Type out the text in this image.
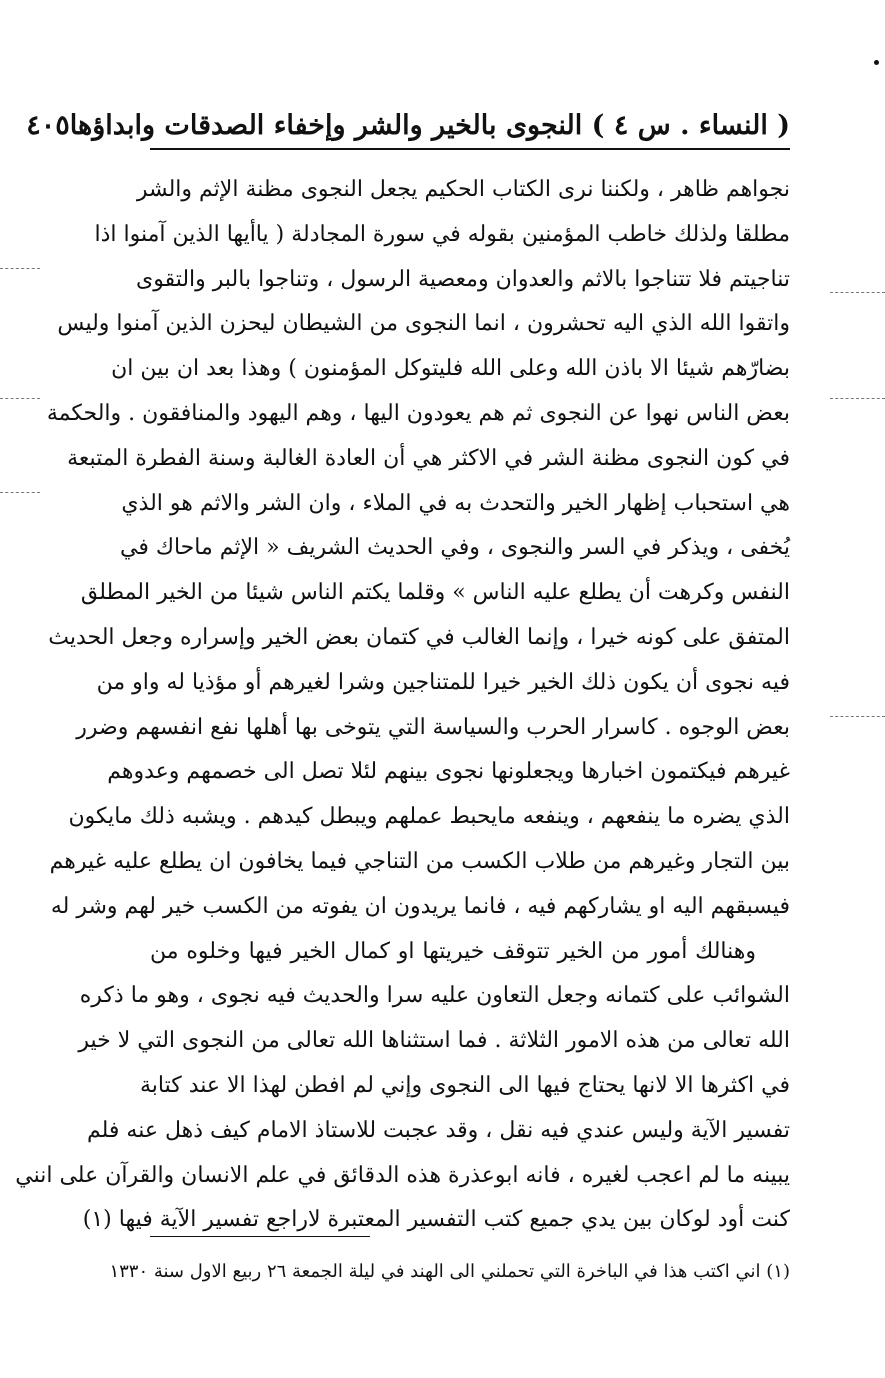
( النساء . س ٤ ) النجوى بالخير والشر وإخفاء الصدقات وابداؤها
٤٠٥
نجواهم ظاهر ، ولكننا نرى الكتاب الحكيم يجعل النجوى مظنة الإثم والشر
مطلقا ولذلك خاطب المؤمنين بقوله في سورة المجادلة ( ياأيها الذين آمنوا اذا
تناجيتم فلا تتناجوا بالاثم والعدوان ومعصية الرسول ، وتناجوا بالبر والتقوى
واتقوا الله الذي اليه تحشرون ، انما النجوى من الشيطان ليحزن الذين آمنوا وليس
بضارّهم شيئا الا باذن الله وعلى الله فليتوكل المؤمنون ) وهذا بعد ان بين ان
بعض الناس نهوا عن النجوى ثم هم يعودون اليها ، وهم اليهود والمنافقون . والحكمة
في كون النجوى مظنة الشر في الاكثر هي أن العادة الغالبة وسنة الفطرة المتبعة
هي استحباب إظهار الخير والتحدث به في الملاء ، وان الشر والاثم هو الذي
يُخفى ، ويذكر في السر والنجوى ، وفي الحديث الشريف « الإثم ماحاك في
النفس وكرهت أن يطلع عليه الناس » وقلما يكتم الناس شيئا من الخير المطلق
المتفق على كونه خيرا ، وإنما الغالب في كتمان بعض الخير وإسراره وجعل الحديث
فيه نجوى أن يكون ذلك الخير خيرا للمتناجين وشرا لغيرهم أو مؤذيا له واو من
بعض الوجوه . كاسرار الحرب والسياسة التي يتوخى بها أهلها نفع انفسهم وضرر
غيرهم فيكتمون اخبارها ويجعلونها نجوى بينهم لئلا تصل الى خصمهم وعدوهم
الذي يضره ما ينفعهم ، وينفعه مايحبط عملهم ويبطل كيدهم . ويشبه ذلك مايكون
بين التجار وغيرهم من طلاب الكسب من التناجي فيما يخافون ان يطلع عليه غيرهم
فيسبقهم اليه او يشاركهم فيه ، فانما يريدون ان يفوته من الكسب خير لهم وشر له
وهنالك أمور من الخير تتوقف خيريتها او كمال الخير فيها وخلوه من
الشوائب على كتمانه وجعل التعاون عليه سرا والحديث فيه نجوى ، وهو ما ذكره
الله تعالى من هذه الامور الثلاثة . فما استثناها الله تعالى من النجوى التي لا خير
في اكثرها الا لانها يحتاج فيها الى النجوى وإني لم افطن لهذا الا عند كتابة
تفسير الآية وليس عندي فيه نقل ، وقد عجبت للاستاذ الامام كيف ذهل عنه فلم
يبينه ما لم اعجب لغيره ، فانه ابوعذرة هذه الدقائق في علم الانسان والقرآن على انني
كنت أود لوكان بين يدي جميع كتب التفسير المعتبرة لاراجع تفسير الآية فيها (١)
(١) اني اكتب هذا في الباخرة التي تحملني الى الهند في ليلة الجمعة ٢٦ ربيع الاول سنة ١٣٣٠
